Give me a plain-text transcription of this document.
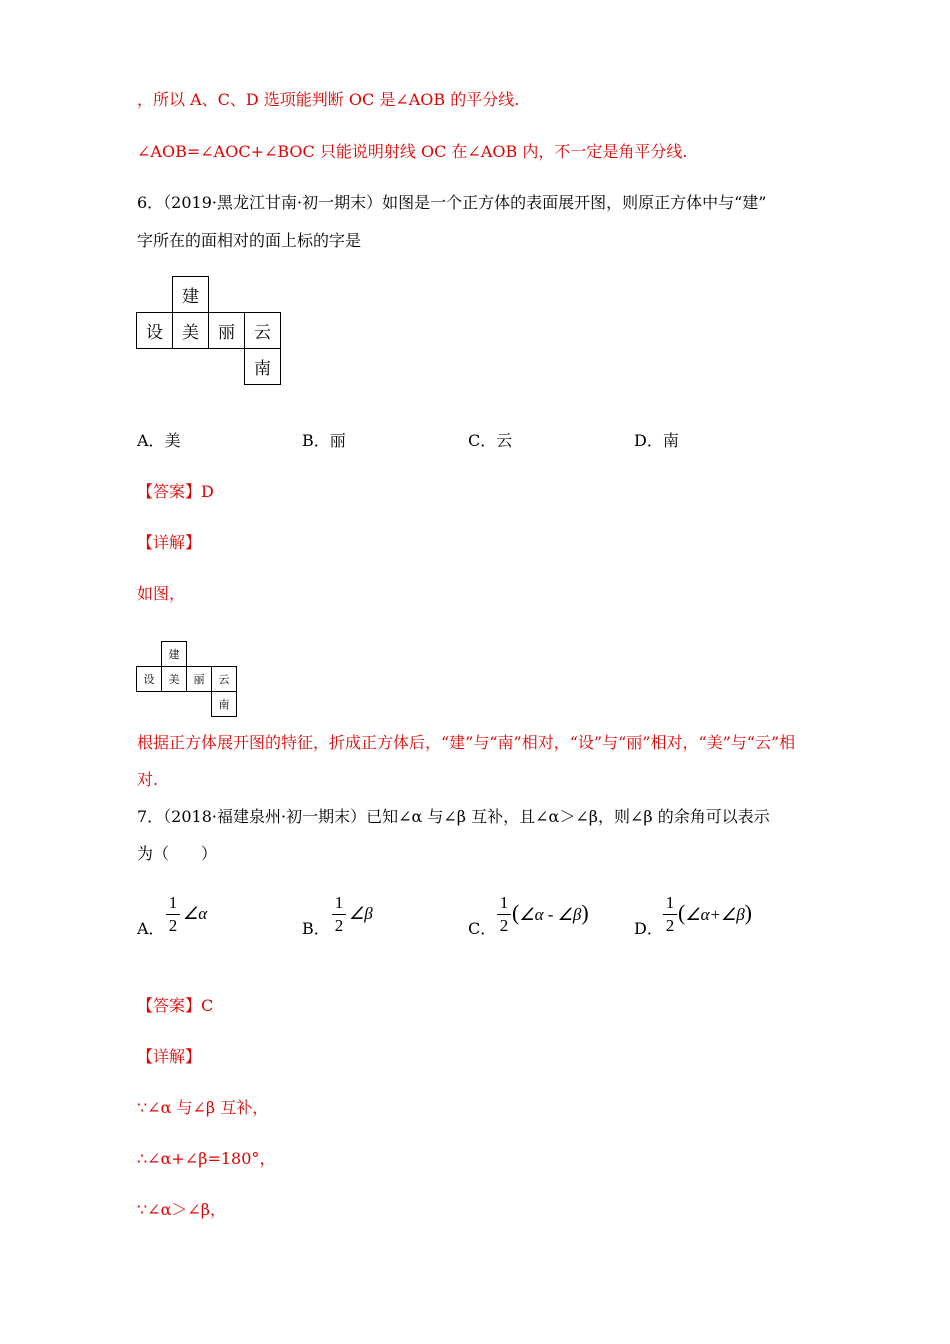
，所以 A、C、D 选项能判断 OC 是∠AOB 的平分线.
∠AOB=∠AOC+∠BOC 只能说明射线 OC 在∠AOB 内，不一定是角平分线.
6．（2019·黑龙江甘南·初一期末）如图是一个正方体的表面展开图，则原正方体中与“建”
字所在的面相对的面上标的字是
建
设	美	丽	云
南
A．美	B．丽	C．云	D．南
【答案】D
【详解】
如图，
建
设	美	丽	云
南
根据正方体展开图的特征，折成正方体后，“建”与“南”相对，“设”与“丽”相对，“美”与“云”相
对.
7．（2018·福建泉州·初一期末）已知∠α 与∠β 互补，且∠α＞∠β，则∠β 的余角可以表示
为（　　）
A．
1
2
∠α
B．
1
2
∠β
C．
1
2
(∠α - ∠β)
D．
1
2
(∠α+∠β)
【答案】C
【详解】
∵∠α 与∠β 互补，
∴∠α+∠β=180°，
∵∠α＞∠β，
